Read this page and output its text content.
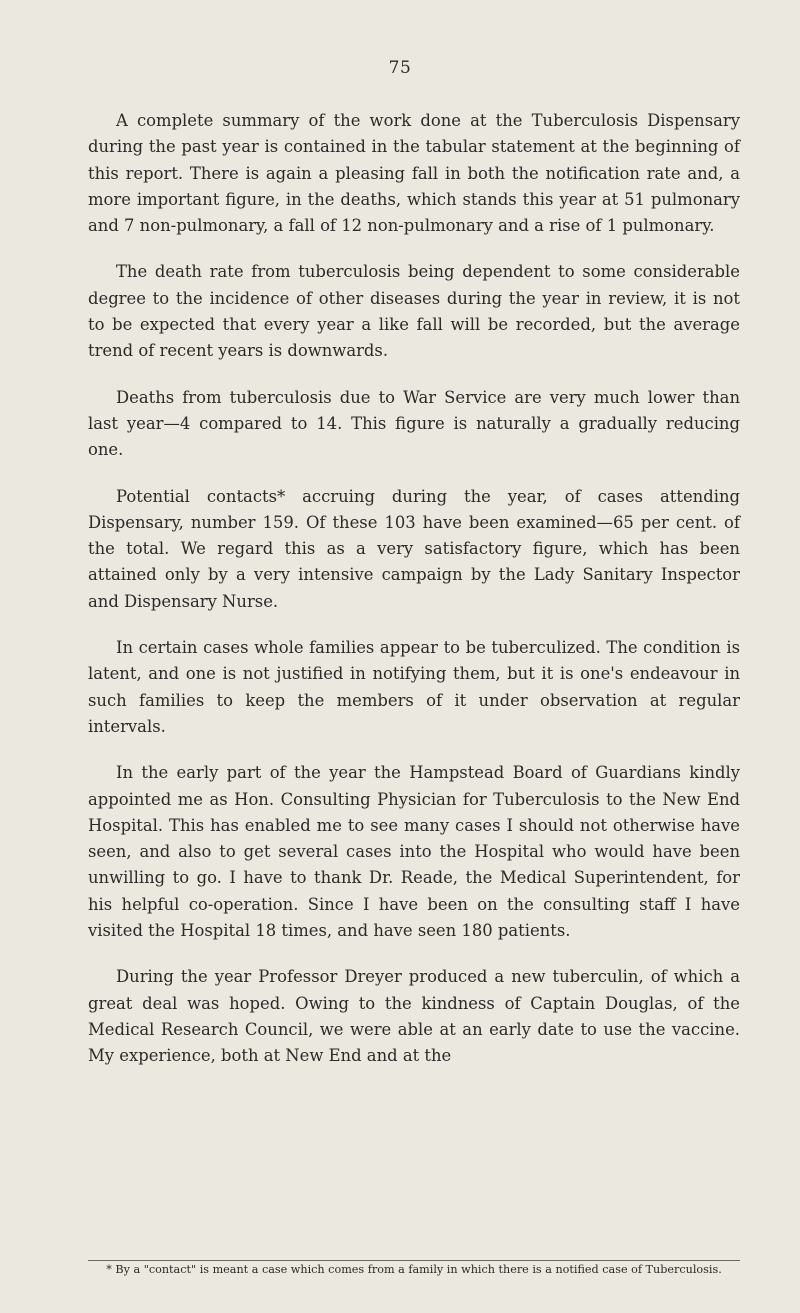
75

A complete summary of the work done at the Tuberculosis Dispensary during the past year is contained in the tabular statement at the beginning of this report. There is again a pleasing fall in both the notification rate and, a more important figure, in the deaths, which stands this year at 51 pulmonary and 7 non-pulmonary, a fall of 12 non-pulmonary and a rise of 1 pulmonary.

The death rate from tuberculosis being dependent to some considerable degree to the incidence of other diseases during the year in review, it is not to be expected that every year a like fall will be recorded, but the average trend of recent years is downwards.

Deaths from tuberculosis due to War Service are very much lower than last year—4 compared to 14. This figure is naturally a gradually reducing one.

Potential contacts* accruing during the year, of cases attending Dispensary, number 159. Of these 103 have been examined—65 per cent. of the total. We regard this as a very satisfactory figure, which has been attained only by a very intensive campaign by the Lady Sanitary Inspector and Dispensary Nurse.

In certain cases whole families appear to be tuberculized. The condition is latent, and one is not justified in notifying them, but it is one's endeavour in such families to keep the members of it under observation at regular intervals.

In the early part of the year the Hampstead Board of Guardians kindly appointed me as Hon. Consulting Physician for Tuberculosis to the New End Hospital. This has enabled me to see many cases I should not otherwise have seen, and also to get several cases into the Hospital who would have been unwilling to go. I have to thank Dr. Reade, the Medical Superintendent, for his helpful co-operation. Since I have been on the consulting staff I have visited the Hospital 18 times, and have seen 180 patients.

During the year Professor Dreyer produced a new tuberculin, of which a great deal was hoped. Owing to the kindness of Captain Douglas, of the Medical Research Council, we were able at an early date to use the vaccine. My experience, both at New End and at the

* By a "contact" is meant a case which comes from a family in which there is a notified case of Tuberculosis.
